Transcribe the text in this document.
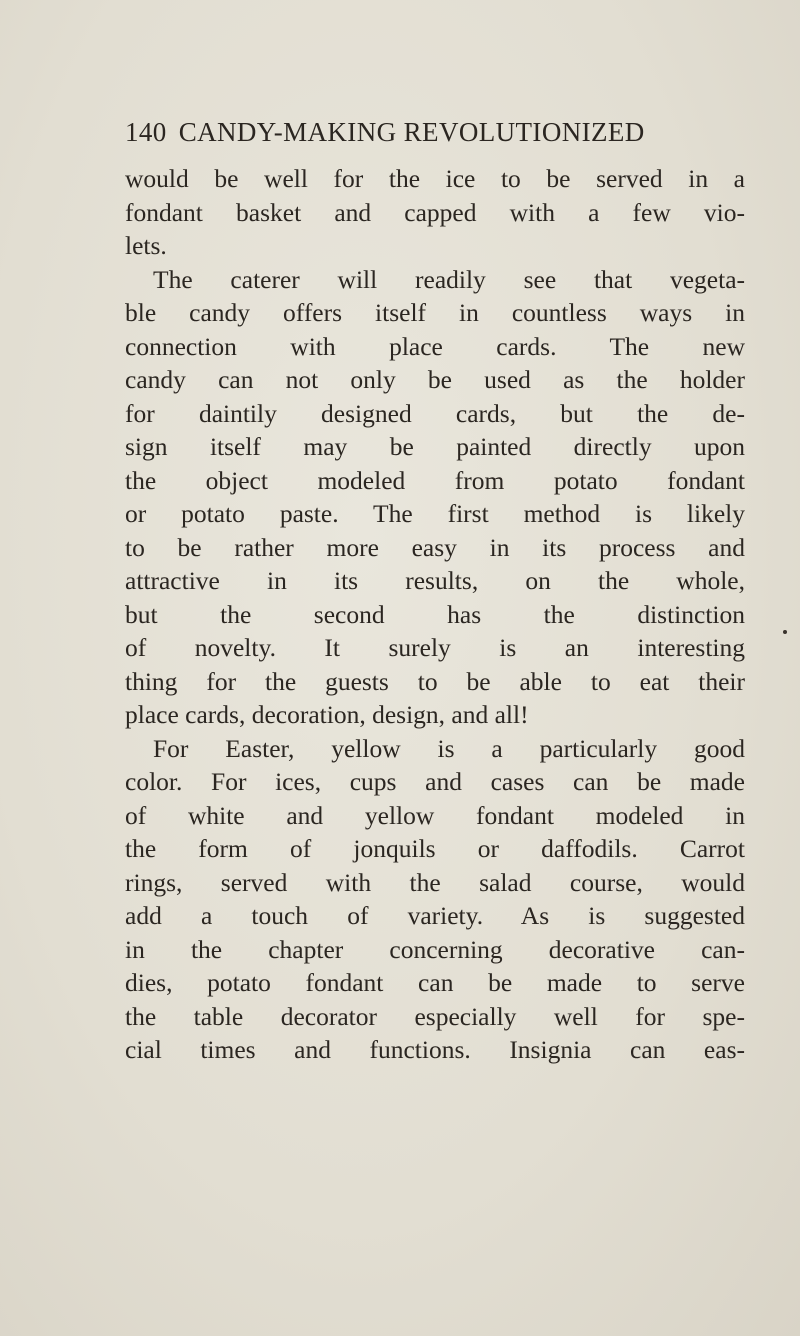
140 CANDY-MAKING REVOLUTIONIZED
would be well for the ice to be served in a
fondant basket and capped with a few vio-
lets.
The caterer will readily see that vegeta-
ble candy offers itself in countless ways in
connection with place cards. The new
candy can not only be used as the holder
for daintily designed cards, but the de-
sign itself may be painted directly upon
the object modeled from potato fondant
or potato paste. The first method is likely
to be rather more easy in its process and
attractive in its results, on the whole,
but the second has the distinction
of novelty. It surely is an interesting
thing for the guests to be able to eat their
place cards, decoration, design, and all!
For Easter, yellow is a particularly good
color. For ices, cups and cases can be made
of white and yellow fondant modeled in
the form of jonquils or daffodils. Carrot
rings, served with the salad course, would
add a touch of variety. As is suggested
in the chapter concerning decorative can-
dies, potato fondant can be made to serve
the table decorator especially well for spe-
cial times and functions. Insignia can eas-
